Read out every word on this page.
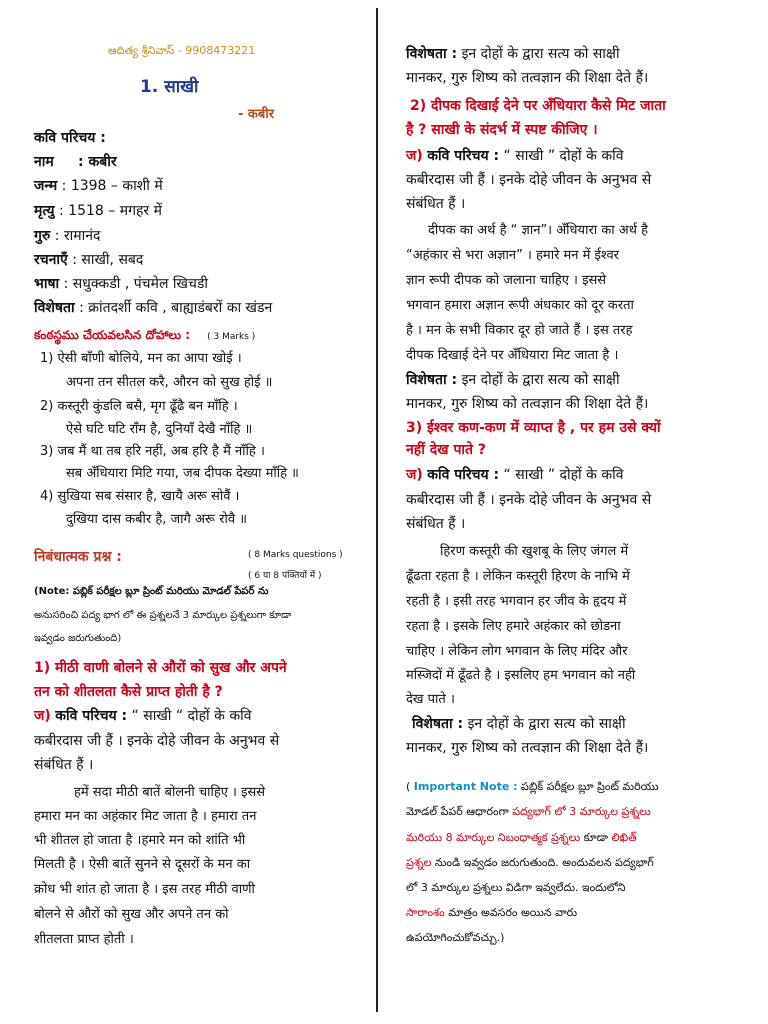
ఆదిత్య శ్రీనివాస్ - 9908473221
1. साखी
- कबीर
कवि परिचय :
नाम : कबीर
जन्म : 1398 – काशी में
मृत्यु : 1518 – मगहर में
गुरु : रामानंद
रचनाएँ : साखी, सबद
भाषा : सधुक्कडी , पंचमेल खिचडी
विशेषता : क्रांतदर्शी कवि , बाह्याडंबरों का खंडन
కంఠస్థము చేయవలసిన దోహాలు : ( 3 Marks )
1) ऐसी बाँणी बोलिये, मन का आपा खोई ।
अपना तन सीतल करै, औरन को सुख होई ॥
2) कस्तूरी कुंडलि बसै, मृग ढूँढै बन माँहि ।
ऐसे घटि घटि राँम है, दुनियाँ देखै नाँहि ॥
3) जब मैं था तब हरि नहीं, अब हरि है मैं नाँहि ।
सब अँधियारा मिटि गया, जब दीपक देख्या माँहि ॥
4) सुखिया सब संसार है, खायै अरू सोवैं ।
दुखिया दास कबीर है, जागै अरू रोवै ॥
निबंधात्मक प्रश्न :	( 8 Marks questions )
( 6 या 8 पंक्तियों में )
(Note: పబ్లిక్ పరీక్షల బ్లూ ప్రింట్ మరియు మోడల్ పేపర్ ను
అనుసరించి పద్య భాగ లో ఈ ప్రశ్నలనే 3 మార్కుల ప్రశ్నలుగా కూడా
ఇవ్వడం జరుగుతుంది)
1) मीठी वाणी बोलने से औरों को सुख और अपने
तन को शीतलता कैसे प्राप्त होती है ?
ज) कवि परिचय : “ साखी “ दोहों के कवि
कबीरदास जी हैं । इनके दोहे जीवन के अनुभव से
संबंधित हैं ।
हमें सदा मीठी बातें बोलनी चाहिए । इससे
हमारा मन का अहंकार मिट जाता है । हमारा तन
भी शीतल हो जाता है ।हमारे मन को शांति भी
मिलती है । ऐसी बातें सुनने से दूसरों के मन का
क्रोध भी शांत हो जाता है । इस तरह मीठी वाणी
बोलने से औरों को सुख और अपने तन को
शीतलता प्राप्त होती ।
विशेषता : इन दोहों के द्वारा सत्य को साक्षी
मानकर, गुरु शिष्य को तत्वज्ञान की शिक्षा देते हैं।
2) दीपक दिखाई देने पर अँधियारा कैसे मिट जाता
है ? साखी के संदर्भ में स्पष्ट कीजिए ।
ज) कवि परिचय : “ साखी ” दोहों के कवि
कबीरदास जी हैं । इनके दोहे जीवन के अनुभव से
संबंधित हैं ।
दीपक का अर्थ है “ ज्ञान”। अँधियारा का अर्थ है
“अहंकार से भरा अज्ञान” । हमारे मन में ईश्वर
ज्ञान रूपी दीपक को जलाना चाहिए । इससे
भगवान हमारा अज्ञान रूपी अंधकार को दूर करता
है । मन के सभी विकार दूर हो जाते हैं । इस तरह
दीपक दिखाई देने पर अँधियारा मिट जाता है ।
विशेषता : इन दोहों के द्वारा सत्य को साक्षी
मानकर, गुरु शिष्य को तत्वज्ञान की शिक्षा देते हैं।
3) ईश्वर कण-कण में व्याप्त है , पर हम उसे क्यों
नहीं देख पाते ?
ज) कवि परिचय : “ साखी ” दोहों के कवि
कबीरदास जी हैं । इनके दोहे जीवन के अनुभव से
संबंधित हैं ।
हिरण कस्तूरी की खुशबू के लिए जंगल में
ढूँढता रहता है । लेकिन कस्तूरी हिरण के नाभि में
रहती है । इसी तरह भगवान हर जीव के हृदय में
रहता है । इसके लिए हमारे अहंकार को छोडना
चाहिए । लेकिन लोग भगवान के लिए मंदिर और
मस्जिदों में ढूँढते है । इसलिए हम भगवान को नही
देख पाते ।
विशेषता : इन दोहों के द्वारा सत्य को साक्षी
मानकर, गुरु शिष्य को तत्वज्ञान की शिक्षा देते हैं।
( Important Note : పబ్లిక్ పరీక్షల బ్లూ ప్రింట్ మరియు
మోడల్ పేపర్ ఆధారంగా పద్యభాగ్ లో 3 మార్కుల ప్రశ్నలు
మరియు 8 మార్కుల నిబంధాత్మక ప్రశ్నలు కూడా లిఖిత్
ప్రశ్నల నుండి ఇవ్వడం జరుగుతుంది. అందువలన పద్యభాగ్
లో 3 మార్కుల ప్రశ్నలు విడిగా ఇవ్వలేదు. ఇందులోని
సారాంశం మాత్రం అవసరం అయిన వారు
ఉపయోగించుకోవచ్చు.)
